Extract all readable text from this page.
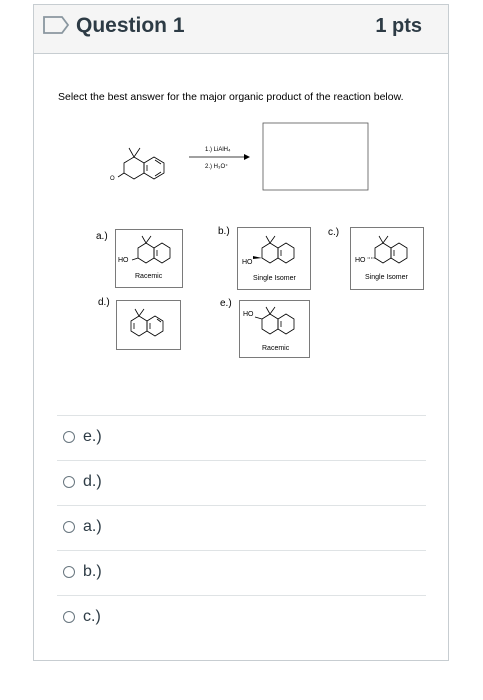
Question 1	1 pts
Select the best answer for the major organic product of the reaction below.
O
1.) LiAlH₄
2.) H₃O⁺
a.)	b.)	c.)
d.)	e.)
HO
Racemic
HO
Single Isomer
HO
Single Isomer
HO
Racemic
e.)
d.)
a.)
b.)
c.)
